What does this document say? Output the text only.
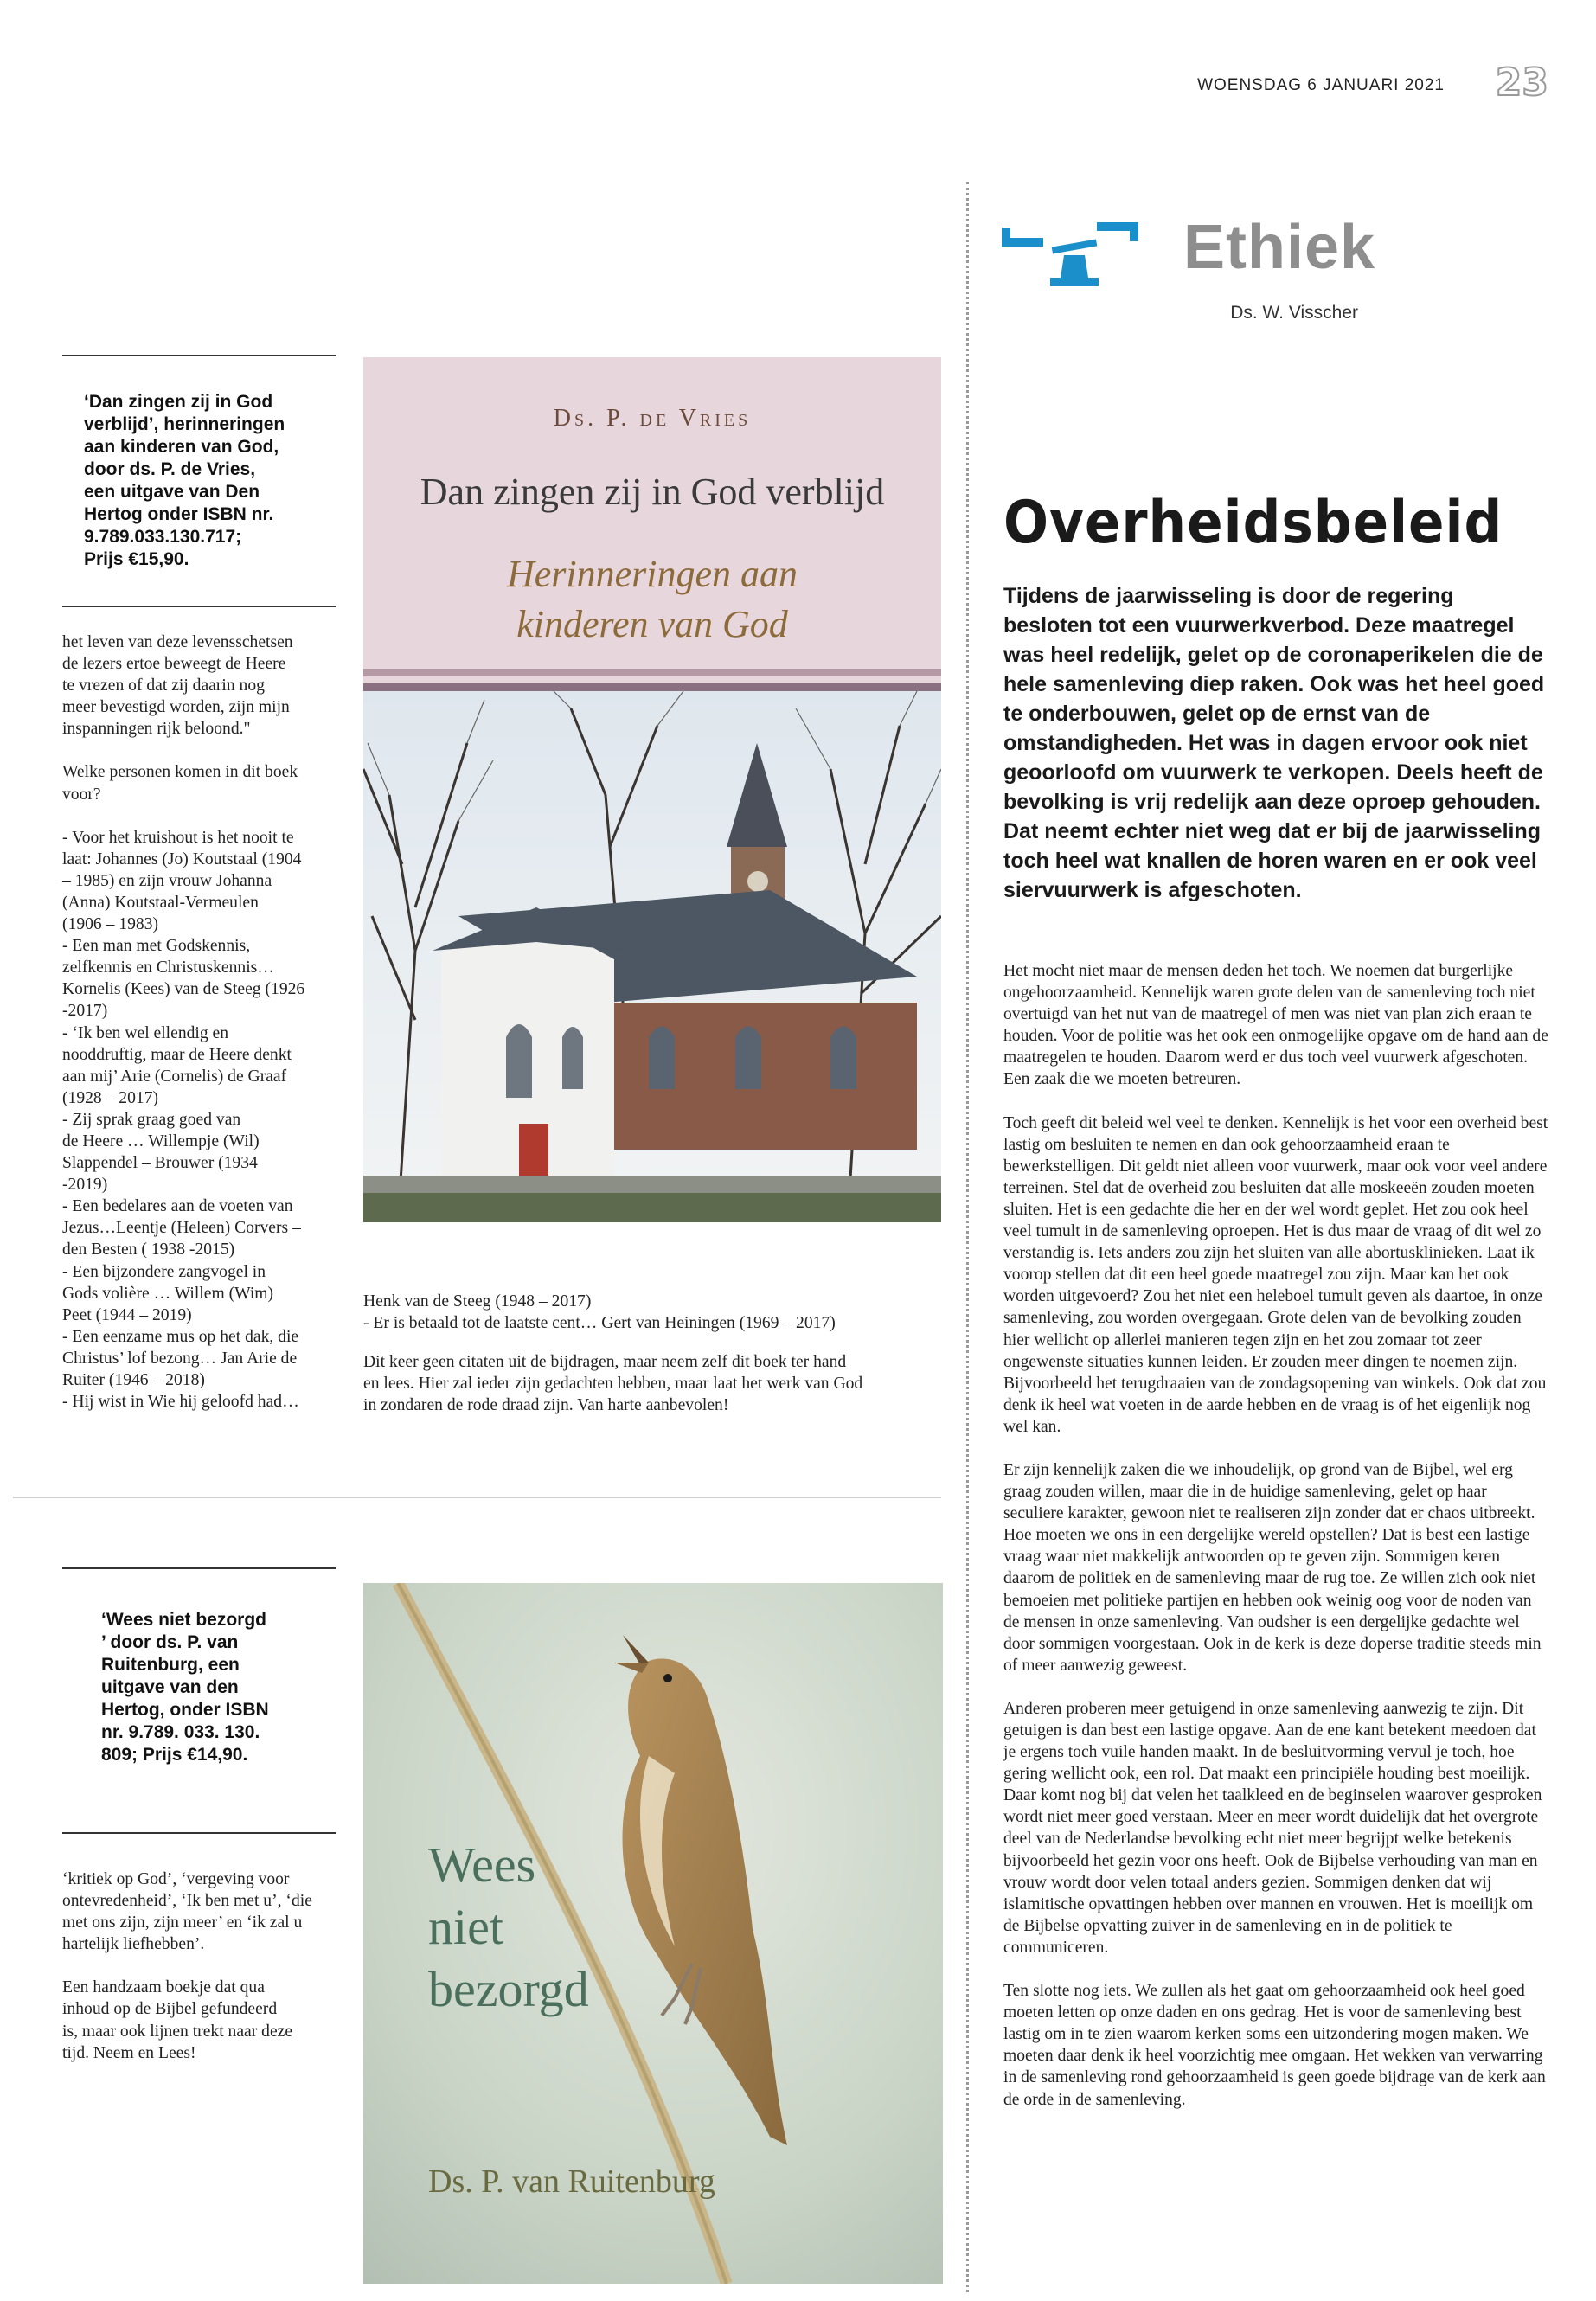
WOENSDAG 6 JANUARI 2021	23
Ethiek
Ds. W. Visscher
Overheidsbeleid
Tijdens de jaarwisseling is door de regering besloten tot een vuurwerkverbod. Deze maatregel was heel redelijk, gelet op de coronaperikelen die de hele samenleving diep raken. Ook was het heel goed te onderbouwen, gelet op de ernst van de omstandigheden. Het was in dagen ervoor ook niet geoorloofd om vuurwerk te verkopen. Deels heeft de bevolking is vrij redelijk aan deze oproep gehouden. Dat neemt echter niet weg dat er bij de jaarwisseling toch heel wat knallen de horen waren en er ook veel siervuurwerk is afgeschoten.

Het mocht niet maar de mensen deden het toch. We noemen dat burgerlijke ongehoorzaamheid. Kennelijk waren grote delen van de samenleving toch niet overtuigd van het nut van de maatregel of men was niet van plan zich eraan te houden. Voor de politie was het ook een onmogelijke opgave om de hand aan de maatregelen te houden. Daarom werd er dus toch veel vuurwerk afgeschoten. Een zaak die we moeten betreuren.

Toch geeft dit beleid wel veel te denken. Kennelijk is het voor een overheid best lastig om besluiten te nemen en dan ook gehoorzaamheid eraan te bewerkstelligen. Dit geldt niet alleen voor vuurwerk, maar ook voor veel andere terreinen. Stel dat de overheid zou besluiten dat alle moskeeën zouden moeten sluiten. Het is een gedachte die her en der wel wordt geplet. Het zou ook heel veel tumult in de samenleving oproepen. Het is dus maar de vraag of dit wel zo verstandig is. Iets anders zou zijn het sluiten van alle abortusklinieken. Laat ik voorop stellen dat dit een heel goede maatregel zou zijn. Maar kan het ook worden uitgevoerd? Zou het niet een heleboel tumult geven als daartoe, in onze samenleving, zou worden overgegaan. Grote delen van de bevolking zouden hier wellicht op allerlei manieren tegen zijn en het zou zomaar tot zeer ongewenste situaties kunnen leiden. Er zouden meer dingen te noemen zijn. Bijvoorbeeld het terugdraaien van de zondagsopening van winkels. Ook dat zou denk ik heel wat voeten in de aarde hebben en de vraag is of het eigenlijk nog wel kan.

Er zijn kennelijk zaken die we inhoudelijk, op grond van de Bijbel, wel erg graag zouden willen, maar die in de huidige samenleving, gelet op haar seculiere karakter, gewoon niet te realiseren zijn zonder dat er chaos uitbreekt. Hoe moeten we ons in een dergelijke wereld opstellen? Dat is best een lastige vraag waar niet makkelijk antwoorden op te geven zijn. Sommigen keren daarom de politiek en de samenleving maar de rug toe. Ze willen zich ook niet bemoeien met politieke partijen en hebben ook weinig oog voor de noden van de mensen in onze samenleving. Van oudsher is een dergelijke gedachte wel door sommigen voorgestaan. Ook in de kerk is deze doperse traditie steeds min of meer aanwezig geweest.

Anderen proberen meer getuigend in onze samenleving aanwezig te zijn. Dit getuigen is dan best een lastige opgave. Aan de ene kant betekent meedoen dat je ergens toch vuile handen maakt. In de besluitvorming vervul je toch, hoe gering wellicht ook, een rol. Dat maakt een principiële houding best moeilijk. Daar komt nog bij dat velen het taalkleed en de beginselen waarover gesproken wordt niet meer goed verstaan. Meer en meer wordt duidelijk dat het overgrote deel van de Nederlandse bevolking echt niet meer begrijpt welke betekenis bijvoorbeeld het gezin voor ons heeft. Ook de Bijbelse verhouding van man en vrouw wordt door velen totaal anders gezien. Sommigen denken dat wij islamitische opvattingen hebben over mannen en vrouwen. Het is moeilijk om de Bijbelse opvatting zuiver in de samenleving en in de politiek te communiceren.

Ten slotte nog iets. We zullen als het gaat om gehoorzaamheid ook heel goed moeten letten op onze daden en ons gedrag. Het is voor de samenleving best lastig om in te zien waarom kerken soms een uitzondering mogen maken. We moeten daar denk ik heel voorzichtig mee omgaan. Het wekken van verwarring in de samenleving rond gehoorzaamheid is geen goede bijdrage van de kerk aan de orde in de samenleving.

‘Dan zingen zij in God
verblijd’, herinneringen
aan kinderen van God,
door ds. P. de Vries,
een uitgave van Den
Hertog onder ISBN nr.
9.789.033.130.717;
Prijs €15,90.

het leven van deze levensschetsen
de lezers ertoe beweegt de Heere
te vrezen of dat zij daarin nog
meer bevestigd worden, zijn mijn
inspanningen rijk beloond."

Welke personen komen in dit boek
voor?

- Voor het kruishout is het nooit te
laat: Johannes (Jo) Koutstaal (1904
– 1985) en zijn vrouw Johanna
(Anna) Koutstaal-Vermeulen
(1906 – 1983)
- Een man met Godskennis,
zelfkennis en Christuskennis…
Kornelis (Kees) van de Steeg (1926
-2017)
- ‘Ik ben wel ellendig en
nooddruftig, maar de Heere denkt
aan mij’ Arie (Cornelis) de Graaf
(1928 – 2017)
- Zij sprak graag goed van
de Heere … Willempje (Wil)
Slappendel – Brouwer (1934
-2019)
- Een bedelares aan de voeten van
Jezus…Leentje (Heleen) Corvers –
den Besten ( 1938 -2015)
- Een bijzondere zangvogel in
Gods volière … Willem (Wim)
Peet (1944 – 2019)
- Een eenzame mus op het dak, die
Christus’ lof bezong… Jan Arie de
Ruiter (1946 – 2018)
- Hij wist in Wie hij geloofd had…

Ds. P. de Vries
Dan zingen zij in God verblijd
Herinneringen aan
kinderen van God

Henk van de Steeg (1948 – 2017)
- Er is betaald tot de laatste cent… Gert van Heiningen (1969 – 2017)

Dit keer geen citaten uit de bijdragen, maar neem zelf dit boek ter hand
en lees. Hier zal ieder zijn gedachten hebben, maar laat het werk van God
in zondaren de rode draad zijn. Van harte aanbevolen!

‘Wees niet bezorgd
’ door ds. P. van
Ruitenburg, een
uitgave van den
Hertog, onder ISBN
nr. 9.789. 033. 130.
809; Prijs €14,90.

‘kritiek op God’, ‘vergeving voor
ontevredenheid’, ‘Ik ben met u’, ‘die
met ons zijn, zijn meer’ en ‘ik zal u
hartelijk liefhebben’.

Een handzaam boekje dat qua
inhoud op de Bijbel gefundeerd
is, maar ook lijnen trekt naar deze
tijd. Neem en Lees!

Wees
niet
bezorgd
Ds. P. van Ruitenburg
